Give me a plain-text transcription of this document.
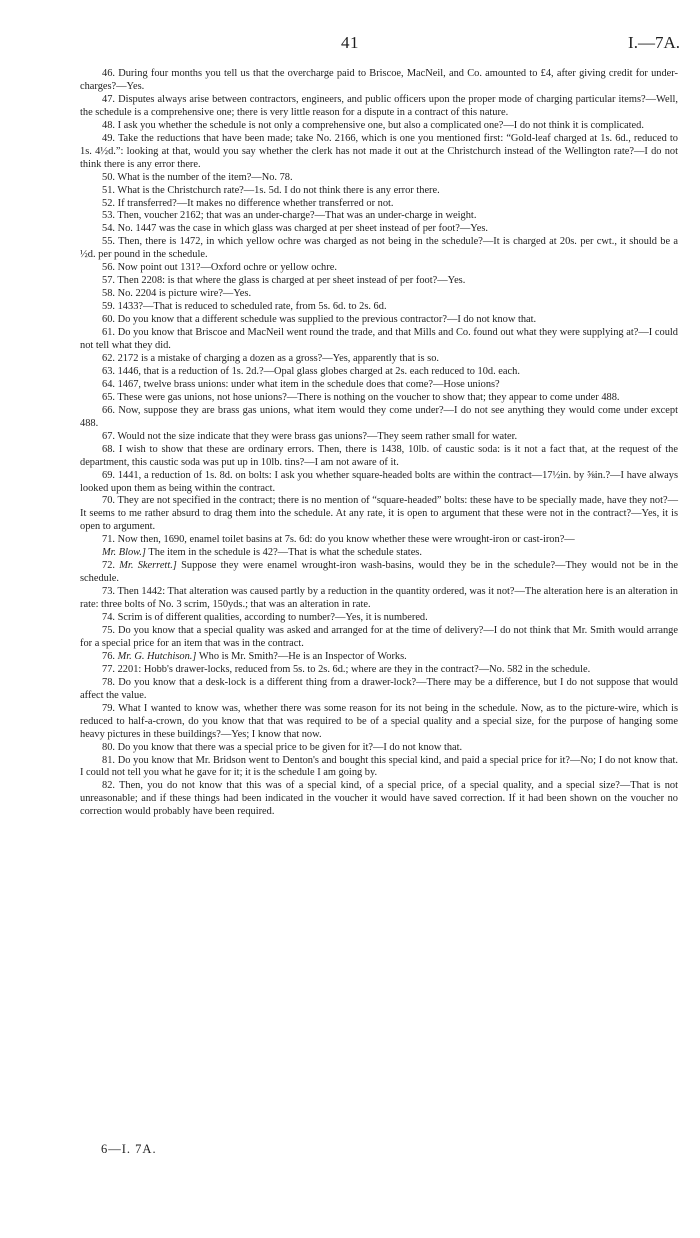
41	I.—7A.

46. During four months you tell us that the overcharge paid to Briscoe, MacNeil, and Co. amounted to £4, after giving credit for under-charges?—Yes.

47. Disputes always arise between contractors, engineers, and public officers upon the proper mode of charging particular items?—Well, the schedule is a comprehensive one; there is very little reason for a dispute in a contract of this nature.

48. I ask you whether the schedule is not only a comprehensive one, but also a complicated one?—I do not think it is complicated.

49. Take the reductions that have been made; take No. 2166, which is one you mentioned first: “Gold-leaf charged at 1s. 6d., reduced to 1s. 4½d.”: looking at that, would you say whether the clerk has not made it out at the Christchurch instead of the Wellington rate?—I do not think there is any error there.

50. What is the number of the item?—No. 78.

51. What is the Christchurch rate?—1s. 5d. I do not think there is any error there.

52. If transferred?—It makes no difference whether transferred or not.

53. Then, voucher 2162; that was an under-charge?—That was an under-charge in weight.

54. No. 1447 was the case in which glass was charged at per sheet instead of per foot?—Yes.

55. Then, there is 1472, in which yellow ochre was charged as not being in the schedule?—It is charged at 20s. per cwt., it should be a ½d. per pound in the schedule.

56. Now point out 131?—Oxford ochre or yellow ochre.

57. Then 2208: is that where the glass is charged at per sheet instead of per foot?—Yes.

58. No. 2204 is picture wire?—Yes.

59. 1433?—That is reduced to scheduled rate, from 5s. 6d. to 2s. 6d.

60. Do you know that a different schedule was supplied to the previous contractor?—I do not know that.

61. Do you know that Briscoe and MacNeil went round the trade, and that Mills and Co. found out what they were supplying at?—I could not tell what they did.

62. 2172 is a mistake of charging a dozen as a gross?—Yes, apparently that is so.

63. 1446, that is a reduction of 1s. 2d.?—Opal glass globes charged at 2s. each reduced to 10d. each.

64. 1467, twelve brass unions: under what item in the schedule does that come?—Hose unions?

65. These were gas unions, not hose unions?—There is nothing on the voucher to show that; they appear to come under 488.

66. Now, suppose they are brass gas unions, what item would they come under?—I do not see anything they would come under except 488.

67. Would not the size indicate that they were brass gas unions?—They seem rather small for water.

68. I wish to show that these are ordinary errors. Then, there is 1438, 10lb. of caustic soda: is it not a fact that, at the request of the department, this caustic soda was put up in 10lb. tins?—I am not aware of it.

69. 1441, a reduction of 1s. 8d. on bolts: I ask you whether square-headed bolts are within the contract—17½in. by ⅝in.?—I have always looked upon them as being within the contract.

70. They are not specified in the contract; there is no mention of “square-headed” bolts: these have to be specially made, have they not?—It seems to me rather absurd to drag them into the schedule. At any rate, it is open to argument that these were not in the contract?—Yes, it is open to argument.

71. Now then, 1690, enamel toilet basins at 7s. 6d: do you know whether these were wrought-iron or cast-iron?—

Mr. Blow.] The item in the schedule is 42?—That is what the schedule states.

72. Mr. Skerrett.] Suppose they were enamel wrought-iron wash-basins, would they be in the schedule?—They would not be in the schedule.

73. Then 1442: That alteration was caused partly by a reduction in the quantity ordered, was it not?—The alteration here is an alteration in rate: three bolts of No. 3 scrim, 150yds.; that was an alteration in rate.

74. Scrim is of different qualities, according to number?—Yes, it is numbered.

75. Do you know that a special quality was asked and arranged for at the time of delivery?—I do not think that Mr. Smith would arrange for a special price for an item that was in the contract.

76. Mr. G. Hutchison.] Who is Mr. Smith?—He is an Inspector of Works.

77. 2201: Hobb's drawer-locks, reduced from 5s. to 2s. 6d.; where are they in the contract?—No. 582 in the schedule.

78. Do you know that a desk-lock is a different thing from a drawer-lock?—There may be a difference, but I do not suppose that would affect the value.

79. What I wanted to know was, whether there was some reason for its not being in the schedule. Now, as to the picture-wire, which is reduced to half-a-crown, do you know that that was required to be of a special quality and a special size, for the purpose of hanging some heavy pictures in these buildings?—Yes; I know that now.

80. Do you know that there was a special price to be given for it?—I do not know that.

81. Do you know that Mr. Bridson went to Denton's and bought this special kind, and paid a special price for it?—No; I do not know that. I could not tell you what he gave for it; it is the schedule I am going by.

82. Then, you do not know that this was of a special kind, of a special price, of a special quality, and a special size?—That is not unreasonable; and if these things had been indicated in the voucher it would have saved correction. If it had been shown on the voucher no correction would probably have been required.

6—I. 7A.
